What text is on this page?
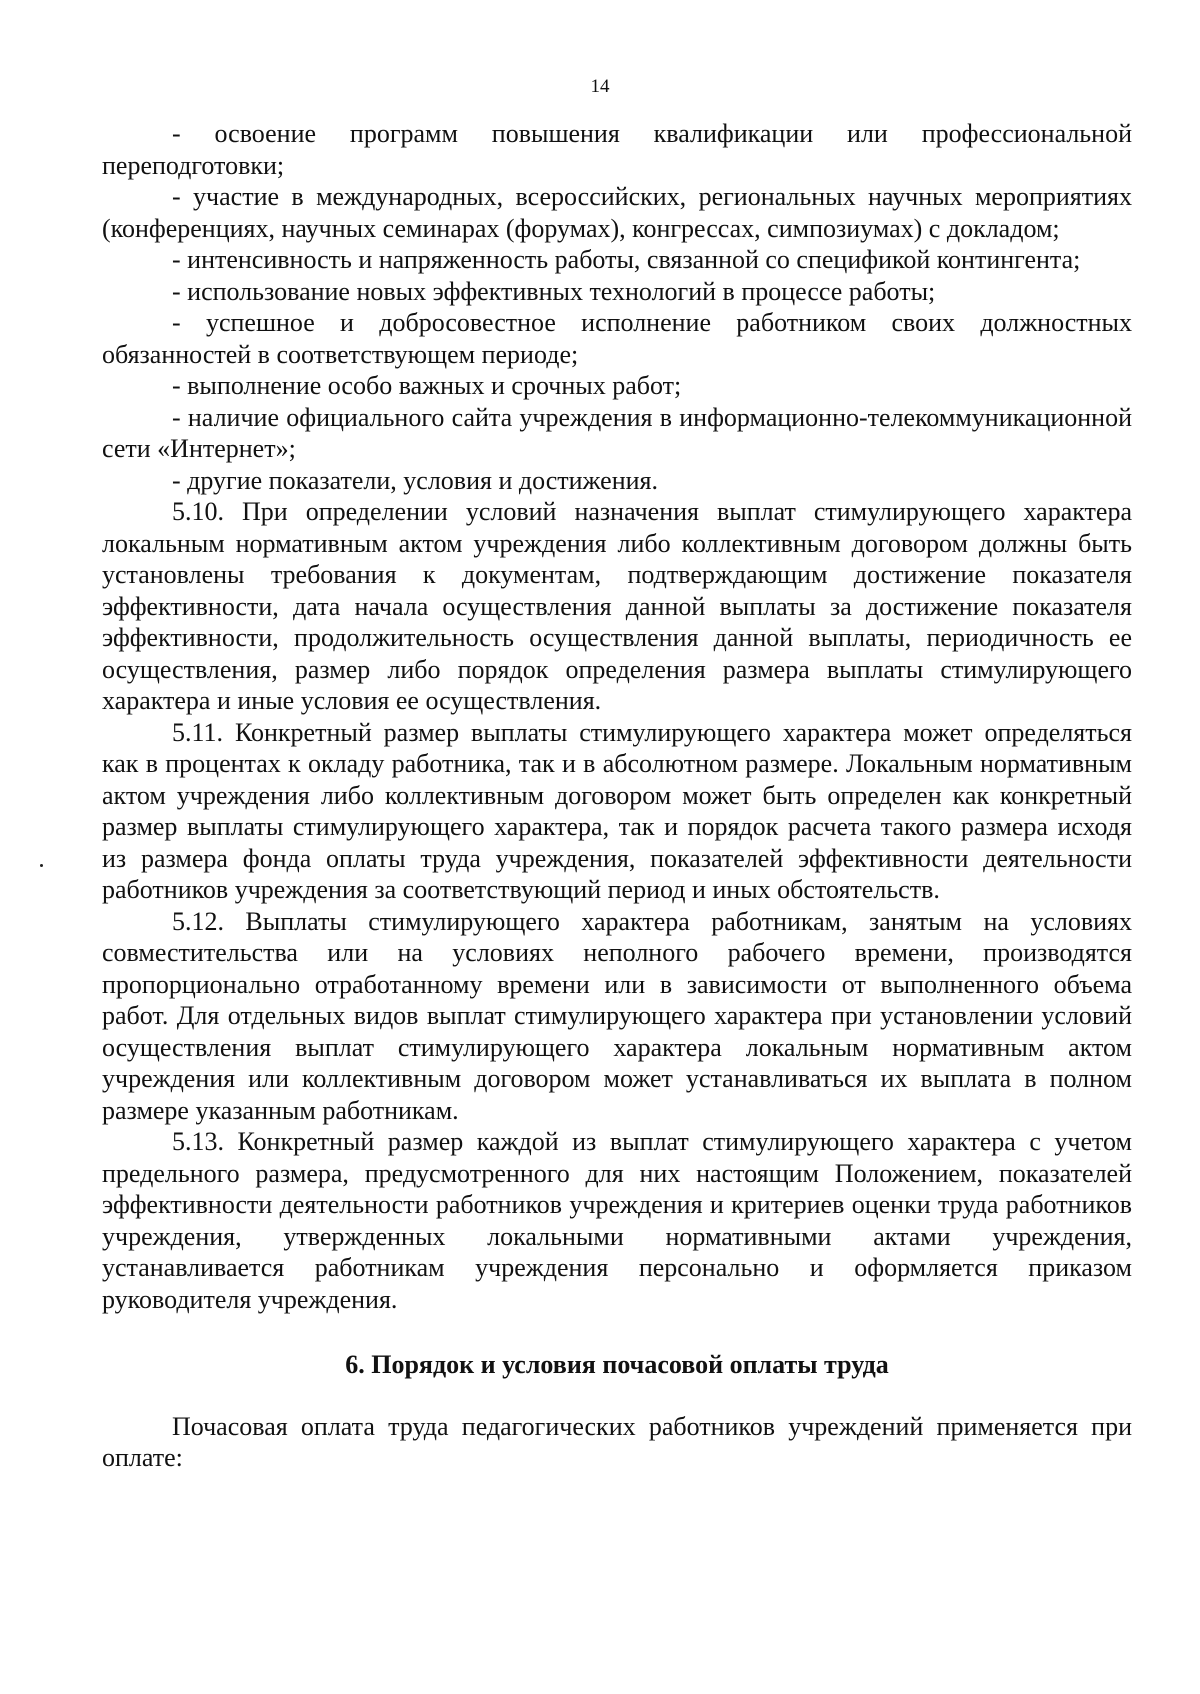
14

- освоение программ повышения квалификации или профессиональной переподготовки;

- участие в международных, всероссийских, региональных научных мероприятиях (конференциях, научных семинарах (форумах), конгрессах, симпозиумах) с докладом;

- интенсивность и напряженность работы, связанной со спецификой контингента;

- использование новых эффективных технологий в процессе работы;

- успешное и добросовестное исполнение работником своих должностных обязанностей в соответствующем периоде;

- выполнение особо важных и срочных работ;

- наличие официального сайта учреждения в информационно-телекоммуникационной сети «Интернет»;

- другие показатели, условия и достижения.

5.10. При определении условий назначения выплат стимулирующего характера локальным нормативным актом учреждения либо коллективным договором должны быть установлены требования к документам, подтверждающим достижение показателя эффективности, дата начала осуществления данной выплаты за достижение показателя эффективности, продолжительность осуществления данной выплаты, периодичность ее осуществления, размер либо порядок определения размера выплаты стимулирующего характера и иные условия ее осуществления.

5.11. Конкретный размер выплаты стимулирующего характера может определяться как в процентах к окладу работника, так и в абсолютном размере. Локальным нормативным актом учреждения либо коллективным договором может быть определен как конкретный размер выплаты стимулирующего характера, так и порядок расчета такого размера исходя из размера фонда оплаты труда учреждения, показателей эффективности деятельности работников учреждения за соответствующий период и иных обстоятельств.

5.12. Выплаты стимулирующего характера работникам, занятым на условиях совместительства или на условиях неполного рабочего времени, производятся пропорционально отработанному времени или в зависимости от выполненного объема работ. Для отдельных видов выплат стимулирующего характера при установлении условий осуществления выплат стимулирующего характера локальным нормативным актом учреждения или коллективным договором может устанавливаться их выплата в полном размере указанным работникам.

5.13. Конкретный размер каждой из выплат стимулирующего характера с учетом предельного размера, предусмотренного для них настоящим Положением, показателей эффективности деятельности работников учреждения и критериев оценки труда работников учреждения, утвержденных локальными нормативными актами учреждения, устанавливается работникам учреждения персонально и оформляется приказом руководителя учреждения.

6. Порядок и условия почасовой оплаты труда

Почасовая оплата труда педагогических работников учреждений применяется при оплате:
